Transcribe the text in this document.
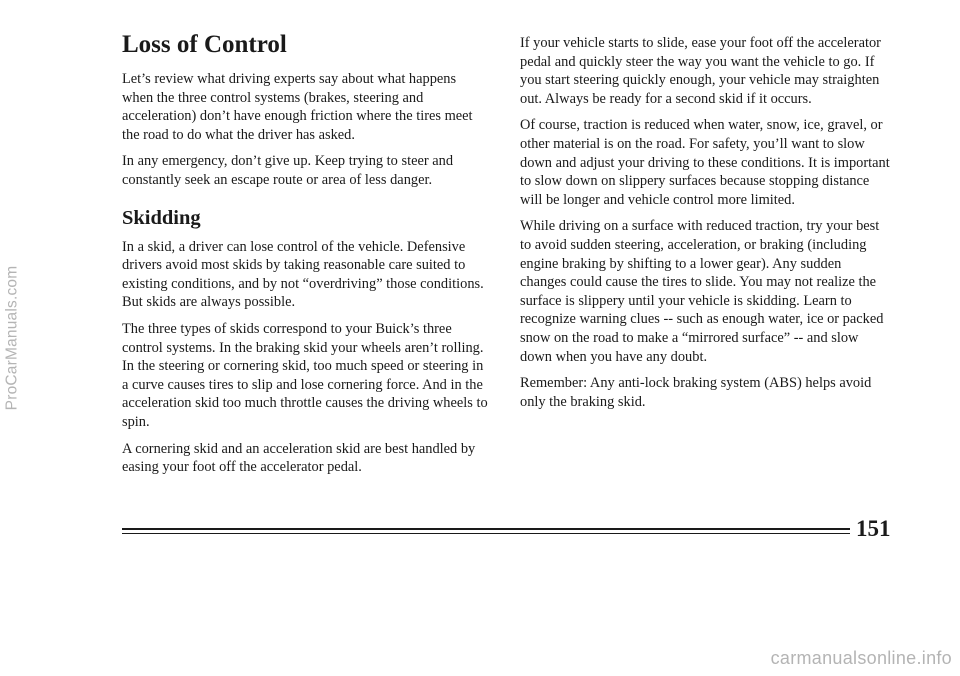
ProCarManuals.com
Loss of Control

Let’s review what driving experts say about what happens when the three control systems (brakes, steering and acceleration) don’t have enough friction where the tires meet the road to do what the driver has asked.

In any emergency, don’t give up. Keep trying to steer and constantly seek an escape route or area of less danger.

Skidding

In a skid, a driver can lose control of the vehicle. Defensive drivers avoid most skids by taking reasonable care suited to existing conditions, and by not “overdriving” those conditions. But skids are always possible.

The three types of skids correspond to your Buick’s three control systems. In the braking skid your wheels aren’t rolling. In the steering or cornering skid, too much speed or steering in a curve causes tires to slip and lose cornering force. And in the acceleration skid too much throttle causes the driving wheels to spin.

A cornering skid and an acceleration skid are best handled by easing your foot off the accelerator pedal.

If your vehicle starts to slide, ease your foot off the accelerator pedal and quickly steer the way you want the vehicle to go. If you start steering quickly enough, your vehicle may straighten out. Always be ready for a second skid if it occurs.

Of course, traction is reduced when water, snow, ice, gravel, or other material is on the road. For safety, you’ll want to slow down and adjust your driving to these conditions. It is important to slow down on slippery surfaces because stopping distance will be longer and vehicle control more limited.

While driving on a surface with reduced traction, try your best to avoid sudden steering, acceleration, or braking (including engine braking by shifting to a lower gear). Any sudden changes could cause the tires to slide. You may not realize the surface is slippery until your vehicle is skidding. Learn to recognize warning clues -- such as enough water, ice or packed snow on the road to make a “mirrored surface” -- and slow down when you have any doubt.

Remember: Any anti-lock braking system (ABS) helps avoid only the braking skid.

151
carmanualsonline.info
